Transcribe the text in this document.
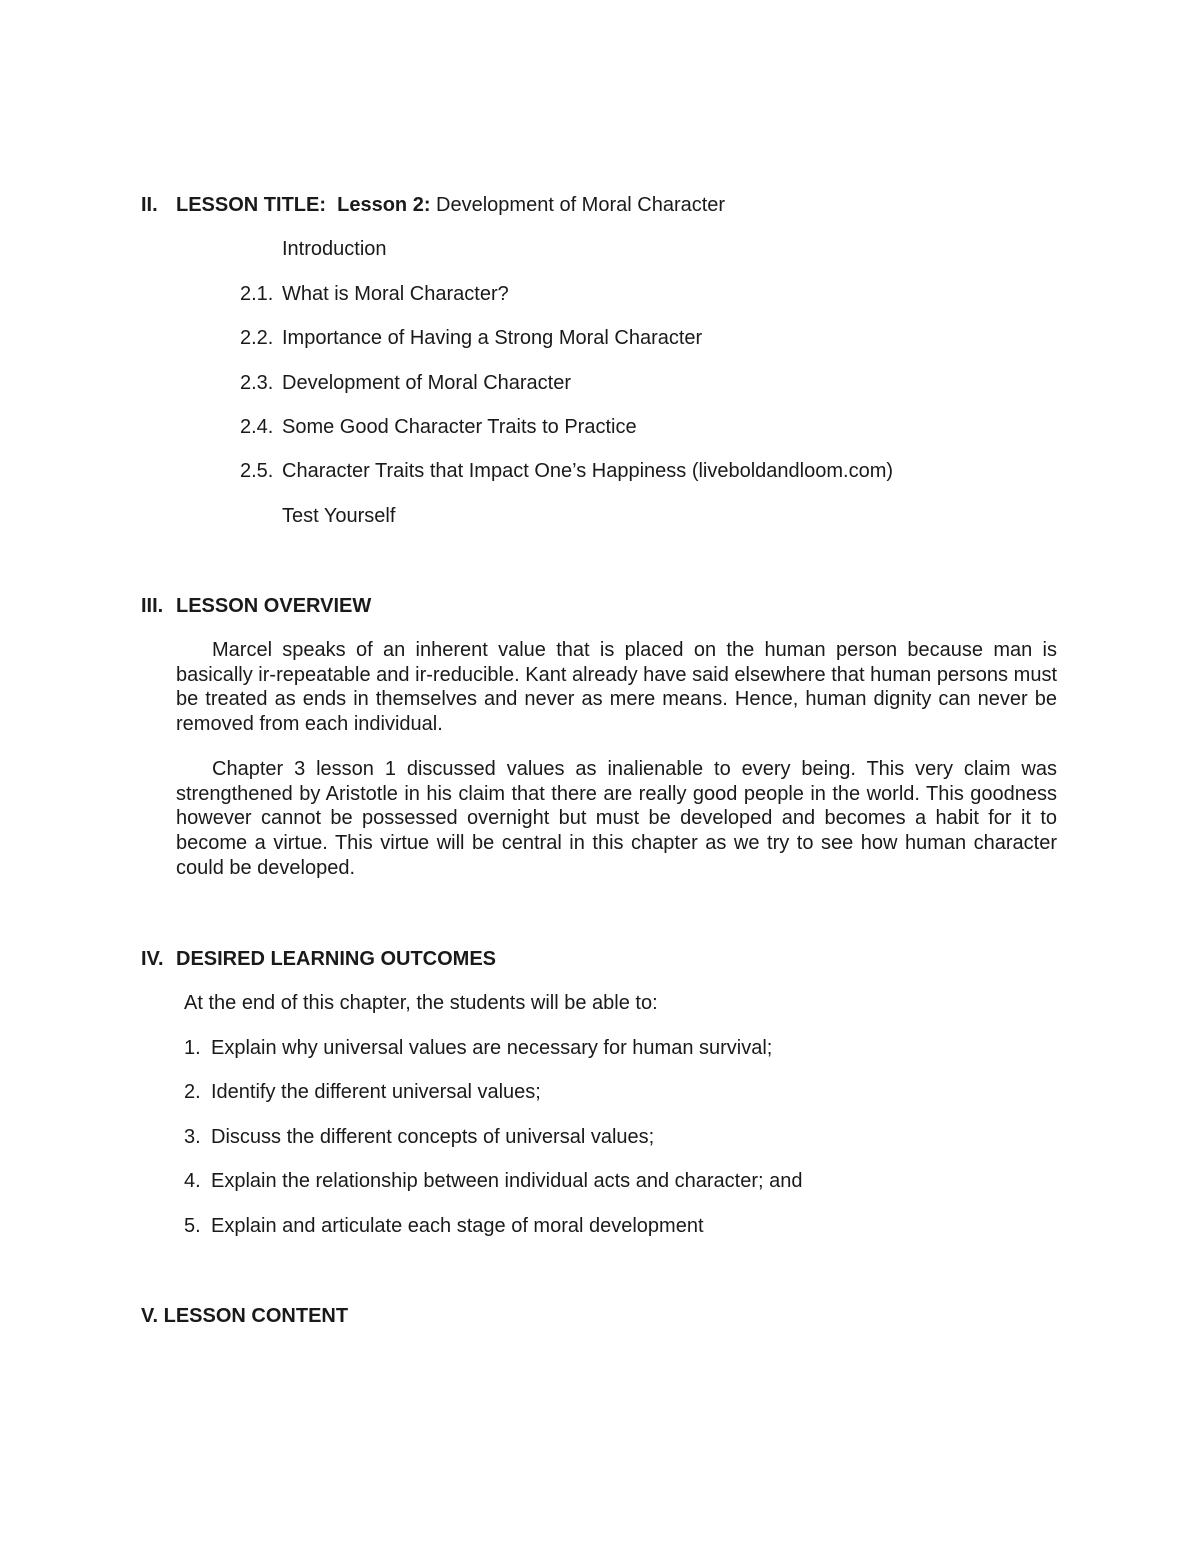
II. LESSON TITLE: Lesson 2: Development of Moral Character
Introduction
2.1. What is Moral Character?
2.2. Importance of Having a Strong Moral Character
2.3. Development of Moral Character
2.4. Some Good Character Traits to Practice
2.5. Character Traits that Impact One’s Happiness (liveboldandloom.com)
Test Yourself
III. LESSON OVERVIEW
Marcel speaks of an inherent value that is placed on the human person because man is basically ir-repeatable and ir-reducible. Kant already have said elsewhere that human persons must be treated as ends in themselves and never as mere means. Hence, human dignity can never be removed from each individual.
Chapter 3 lesson 1 discussed values as inalienable to every being. This very claim was strengthened by Aristotle in his claim that there are really good people in the world. This goodness however cannot be possessed overnight but must be developed and becomes a habit for it to become a virtue. This virtue will be central in this chapter as we try to see how human character could be developed.
IV. DESIRED LEARNING OUTCOMES
At the end of this chapter, the students will be able to:
1. Explain why universal values are necessary for human survival;
2. Identify the different universal values;
3. Discuss the different concepts of universal values;
4. Explain the relationship between individual acts and character; and
5. Explain and articulate each stage of moral development
V. LESSON CONTENT
